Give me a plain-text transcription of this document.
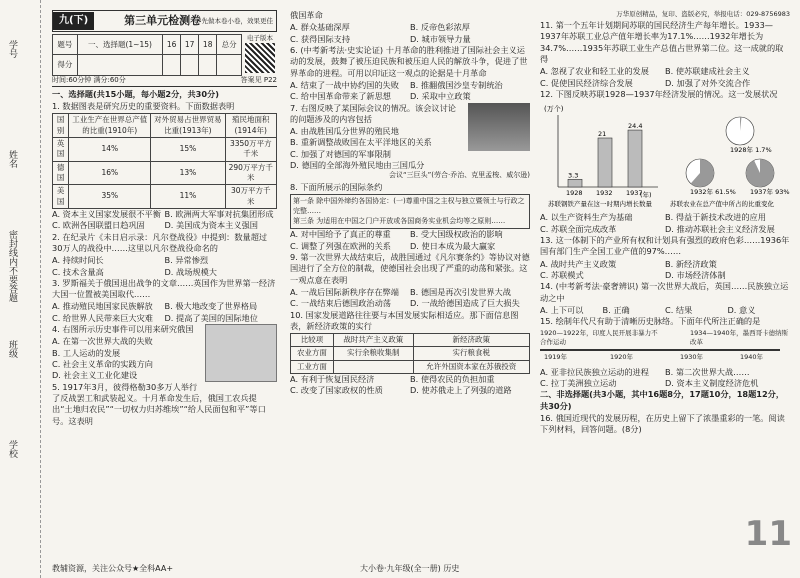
学号
姓名
密封线内不要答题
班级
学校
九(下)	第三单元检测卷 先做本卷小卷，效果更佳
题号	一、选择题(1~15)	16	17	18	总分
得分					
电子版本

时间:60分钟 满分:60分	答案见 P22

一、选择题(共15小题，每小题2分，共30分)

1. 数据图表是研究历史的重要资料。下面数据表明

国别	工业生产在世界总产值的比重(1910年)	对外贸易占世界贸易比重(1913年)	殖民地面积(1914年)
英国	14%	15%	3350万平方千米
德国	16%	13%	290万平方千米
美国	35%	11%	30万平方千米
A. 资本主义国家发展很不平衡 B. 欧洲两大军事对抗集团形成
C. 欧洲各国联盟日趋巩固	D. 美国成为资本主义强国

2. 在纪录片《未日启示录：凡尔登战役》中提到：数量超过30万人的战役中……这里以凡尔登战役命名的

A. 持续时间长	B. 异常惨烈
C. 技术含量高	D. 战场规模大

3. 罗斯福关于俄国退出战争的文章……英国作为世界第一经济大国一位置被美国取代……

A. 推动殖民地国家民族解放	B. 极大地改变了世界格局
C. 给世界人民带来巨大灾难	D. 提高了美国的国际地位

4. 右图所示历史事件可以用来研究俄国

A. 在第一次世界大战的失败
B. 工人运动的发展
C. 社会主义革命的实践方向
D. 社会主义工业化建设

5. 1917年3月，彼得格勒30多万人举行了反战罢工和武装起义。十月革命发生后，俄国工农兵提出“土地归农民”“一切权力归苏维埃”“给人民面包和平”等口号。这表明

教辅资源，关注公众号★全科AA+

俄国革命

A. 群众基础深厚	B. 反帝色彩浓厚
C. 获得国际支持	D. 城市领导力量

6. (中考新考法·史实论证) 十月革命的胜利推进了国际社会主义运动的发展，鼓舞了被压迫民族和被压迫人民的解放斗争，促进了世界革命的进程。可用以印证这一观点的论据是十月革命

A. 结束了一战中协约国的失败	B. 推翻俄国沙皇专制统治
C. 给中国革命带来了新思想	D. 采取中立政策

7. 右图反映了某国际会议的情况。该会议讨论的问题涉及的内容包括

A. 由战胜国瓜分世界的殖民地
B. 重新调整战败国在太平洋地区的关系
C. 加强了对德国的军事限制
D. 德国的全部海外殖民地由三国瓜分

会议“三巨头”(劳合·乔治、克里孟梭、威尔逊)

8. 下面所展示的国际条约

第一条 除中国外缔约各国协定：(一)尊重中国之主权与独立暨领土与行政之完整……
第三条 为适用在中国之门户开放或各国商务实业机会均等之原则……
A. 对中国给予了真正的尊重	B. 受大国级权政治的影响
C. 调整了列强在欧洲的关系	D. 使日本成为最大赢家

9. 第一次世界大战结束后，战胜国通过《凡尔赛条约》等协议对德国进行了全方位的制裁，使德国社会出现了严重的动荡和紧张。这一观点意在表明

A. 一战后国际新秩序存在弊端	B. 德国是再次引发世界大战
C. 一战结束后德国政治动荡	D. 一战给德国造成了巨大损失

10. 国家发展道路往往要与本国发展实际相适应。那下面信息图表，新经济政策的实行

比较项	战时共产主义政策	新经济政策
农业方面	实行余粮收集制	实行粮食税
工业方面		允许外国资本家在苏俄投资
A. 有利于恢复国民经济	B. 使得农民的负担加重
C. 改变了国家政权的性质	D. 使苏俄走上了列强的道路
大小卷·九年级(全一册) 历史

万华原创精品，复印、盗版必究，举报电话：029-8756983

11. 第一个五年计划期间苏联的国民经济生产每年增长。1933—1937年苏联工业总产值年增长率为17.1%……1932年增长为34.7%……1935年苏联工业生产总值占世界第二位。这一成就的取得

A. 忽视了农业和轻工业的发展	B. 使苏联建成社会主义
C. 促使国民经济综合发展	D. 加强了对外交流合作

12. 下图反映苏联1928—1937年经济发展的情况。这一发展状况

(万个)
(年)
3.3
1928
21
1932
24.4
1937
1928年 1.7%
1932年 61.5% 1937年 93%
苏联钢铁产量在这一时期内增长数量	苏联农业在总产值中所占的比重变化
A. 以生产资料生产为基础	B. 得益于新技术改进的应用
C. 苏联全面完成改革	D. 推动苏联社会主义经济发展

13. 这一体制下的产业所有权和计划具有强烈的政府色彩……1936年国有部门生产全国工业产值的97%……

A. 战时共产主义政策	B. 新经济政策
C. 苏联模式	D. 市场经济体制

14. (中考新考法·豪奢辨识) 第一次世界大战后，英国……民族独立运动之中

A. 上下可以	B. 正确	C. 结果	D. 意义

15. 绘制年代尺有助于清晰历史脉络。下面年代所注正确的是

1920—1922年，印度人民开展非暴力不合作运动
1934—1940年，墨西哥卡德纳斯改革
1919年	1920年	1930年	1940年
A. 亚非拉民族独立运动的进程	B. 第二次世界大战……
C. 拉丁美洲独立运动	D. 资本主义制度经济危机

二、非选择题(共3小题，其中16题8分，17题10分，18题12分，共30分)

16. 俄国近现代的发展历程，在历史上留下了浓墨重彩的一笔。阅读下列材料，回答问题。(8分)

11
